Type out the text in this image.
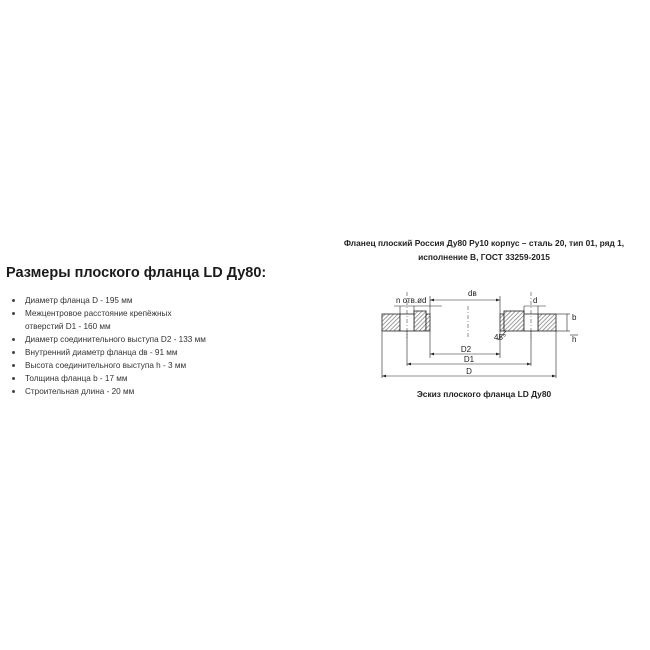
Размеры плоского фланца LD Ду80:
Диаметр фланца D - 195 мм
Межцентровое расстояние крепёжных
отверстий D1 - 160 мм
Диаметр соединительного выступа D2 - 133 мм
Внутренний диаметр фланца dв - 91 мм
Высота соединительного выступа h - 3 мм
Толщина фланца b - 17 мм
Строительная длина - 20 мм

Фланец плоский Россия Ду80 Ру10 корпус – сталь 20, тип 01, ряд 1, исполнение В, ГОСТ 33259-2015

n отв.ød
dв
d
b
h
45°
D2
D1
D

Эскиз плоского фланца LD Ду80
